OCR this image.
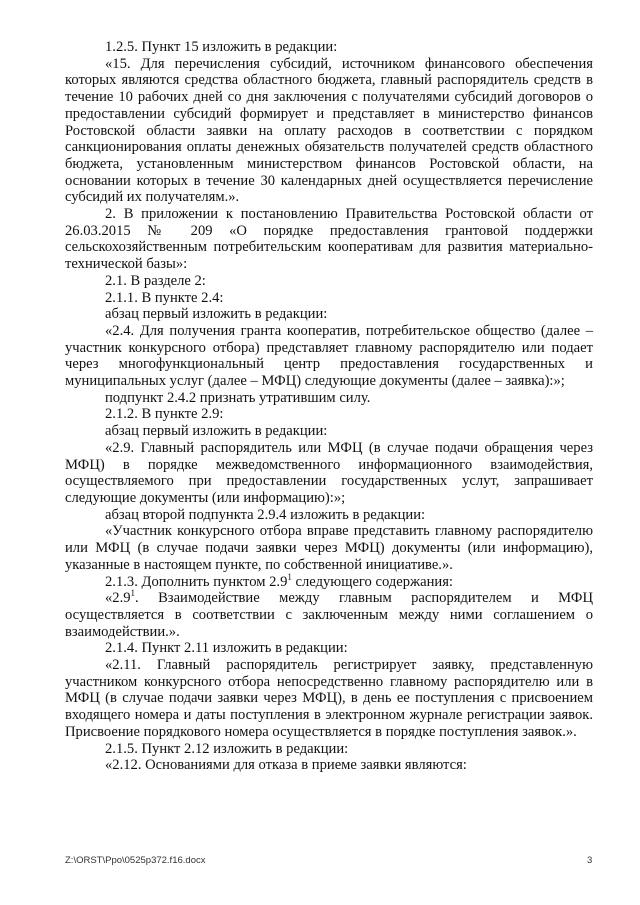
1.2.5. Пункт 15 изложить в редакции:

«15. Для перечисления субсидий, источником финансового обеспечения которых являются средства областного бюджета, главный распорядитель средств в течение 10 рабочих дней со дня заключения с получателями субсидий договоров о предоставлении субсидий формирует и представляет в министерство финансов Ростовской области заявки на оплату расходов в соответствии с порядком санкционирования оплаты денежных обязательств получателей средств областного бюджета, установленным министерством финансов Ростовской области, на основании которых в течение 30 календарных дней осуществляется перечисление субсидий их получателям.».

2. В приложении к постановлению Правительства Ростовской области от 26.03.2015 № 209 «О порядке предоставления грантовой поддержки сельскохозяйственным потребительским кооперативам для развития материально-технической базы»:

2.1. В разделе 2:

2.1.1. В пункте 2.4:

абзац первый изложить в редакции:

«2.4. Для получения гранта кооператив, потребительское общество (далее – участник конкурсного отбора) представляет главному распорядителю или подает через многофункциональный центр предоставления государственных и муниципальных услуг (далее – МФЦ) следующие документы (далее – заявка):»;

подпункт 2.4.2 признать утратившим силу.

2.1.2. В пункте 2.9:

абзац первый изложить в редакции:

«2.9. Главный распорядитель или МФЦ (в случае подачи обращения через МФЦ) в порядке межведомственного информационного взаимодействия, осуществляемого при предоставлении государственных услут, запрашивает следующие документы (или информацию):»;

абзац второй подпункта 2.9.4 изложить в редакции:

«Участник конкурсного отбора вправе представить главному распорядителю или МФЦ (в случае подачи заявки через МФЦ) документы (или информацию), указанные в настоящем пункте, по собственной инициативе.».

2.1.3. Дополнить пунктом $2.9^1$ следующего содержания:

«$2.9^1$. Взаимодействие между главным распорядителем и МФЦ осуществляется в соответствии с заключенным между ними соглашением о взаимодействии.».

2.1.4. Пункт 2.11 изложить в редакции:

«2.11. Главный распорядитель регистрирует заявку, представленную участником конкурсного отбора непосредственно главному распорядителю или в МФЦ (в случае подачи заявки через МФЦ), в день ее поступления с присвоением входящего номера и даты поступления в электронном журнале регистрации заявок. Присвоение порядкового номера осуществляется в порядке поступления заявок.».

2.1.5. Пункт 2.12 изложить в редакции:

«2.12. Основаниями для отказа в приеме заявки являются:

Z:\ORST\Ppo\0525p372.f16.docx	3
